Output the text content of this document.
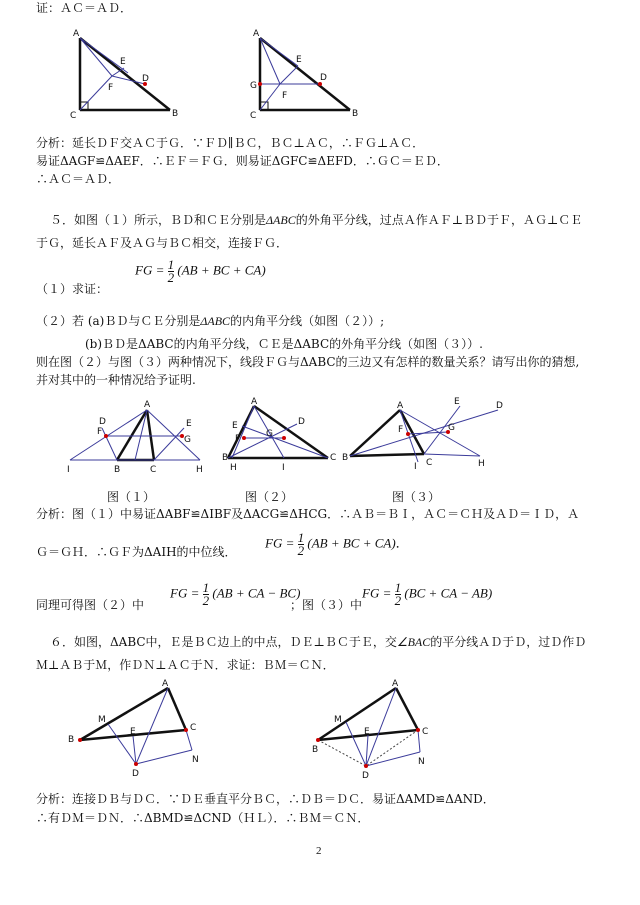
证：ＡＣ＝ＡＤ．
A
E
D
F
C	B
A
E
D
G
F
C	B
分析：延长ＤＦ交ＡＣ于Ｇ．∵ＦＤ∥ＢＣ，ＢＣ⊥ＡＣ，∴ＦＧ⊥ＡＣ．
易证ΔAGF≌ΔAEF．∴ＥＦ＝ＦＧ．则易证ΔGFC≌ΔEFD．∴ＧＣ＝ＥＤ．
∴ＡＣ＝ＡＤ．
５．如图（１）所示，ＢＤ和ＣＥ分别是ΔABC的外角平分线，过点Ａ作ＡＦ⊥ＢＤ于Ｆ，ＡＧ⊥ＣＥ
于Ｇ，延长ＡＦ及ＡＧ与ＢＣ相交，连接ＦＧ．
FG = $\frac{1}{2} (AB$ + BC + CA)
（１）求证：
（２）若 (a)ＢＤ与ＣＥ分别是ΔABC的内角平分线（如图（２））;
(b)ＢＤ是ΔABC的内角平分线，ＣＥ是ΔABC的外角平分线（如图（３））.
则在图（２）与图（３）两种情况下，线段ＦＧ与ΔABC的三边又有怎样的数量关系？请写出你的猜想,
并对其中的一种情况给予证明.
A
F
G
E
D
I	B	C	H
A
E	D
F	G
B
H	I
C
A	E	D
F	G
B
I C	H
图（１）	图（２）	图（３）
分析：图（１）中易证ΔABF≌ΔIBF及ΔACG≌ΔHCG．∴ＡＢ＝ＢＩ，ＡＣ＝ＣＨ及ＡＤ＝ＩＤ，Ａ
Ｇ＝ＧＨ．∴ＧＦ为ΔAIH的中位线．
FG = $\frac{1}{2} (AB$ + BC + CA)．
同理可得图（２）中
FG = $\frac{1}{2} (AB$ + CA − BC)
；图（３）中
FG = $\frac{1}{2} (BC$ + CA − AB)
６．如图，ΔABC中，Ｅ是ＢＣ边上的中点，ＤＥ⊥ＢＣ于Ｅ，交∠BAC的平分线ＡＤ于Ｄ，过Ｄ作Ｄ
Ｍ⊥ＡＢ于Ｍ，作ＤＮ⊥ＡＣ于Ｎ．求证：ＢＭ＝ＣＮ．
A
M
B
E	C
D
N
A
M
B
E	C
D
N
分析：连接ＤＢ与ＤＣ．∵ＤＥ垂直平分ＢＣ，∴ＤＢ＝ＤＣ．易证ΔAMD≌ΔAND．
∴有ＤＭ＝ＤＮ．∴ΔBMD≌ΔCND（ＨＬ）．∴ＢＭ＝ＣＮ．
2
